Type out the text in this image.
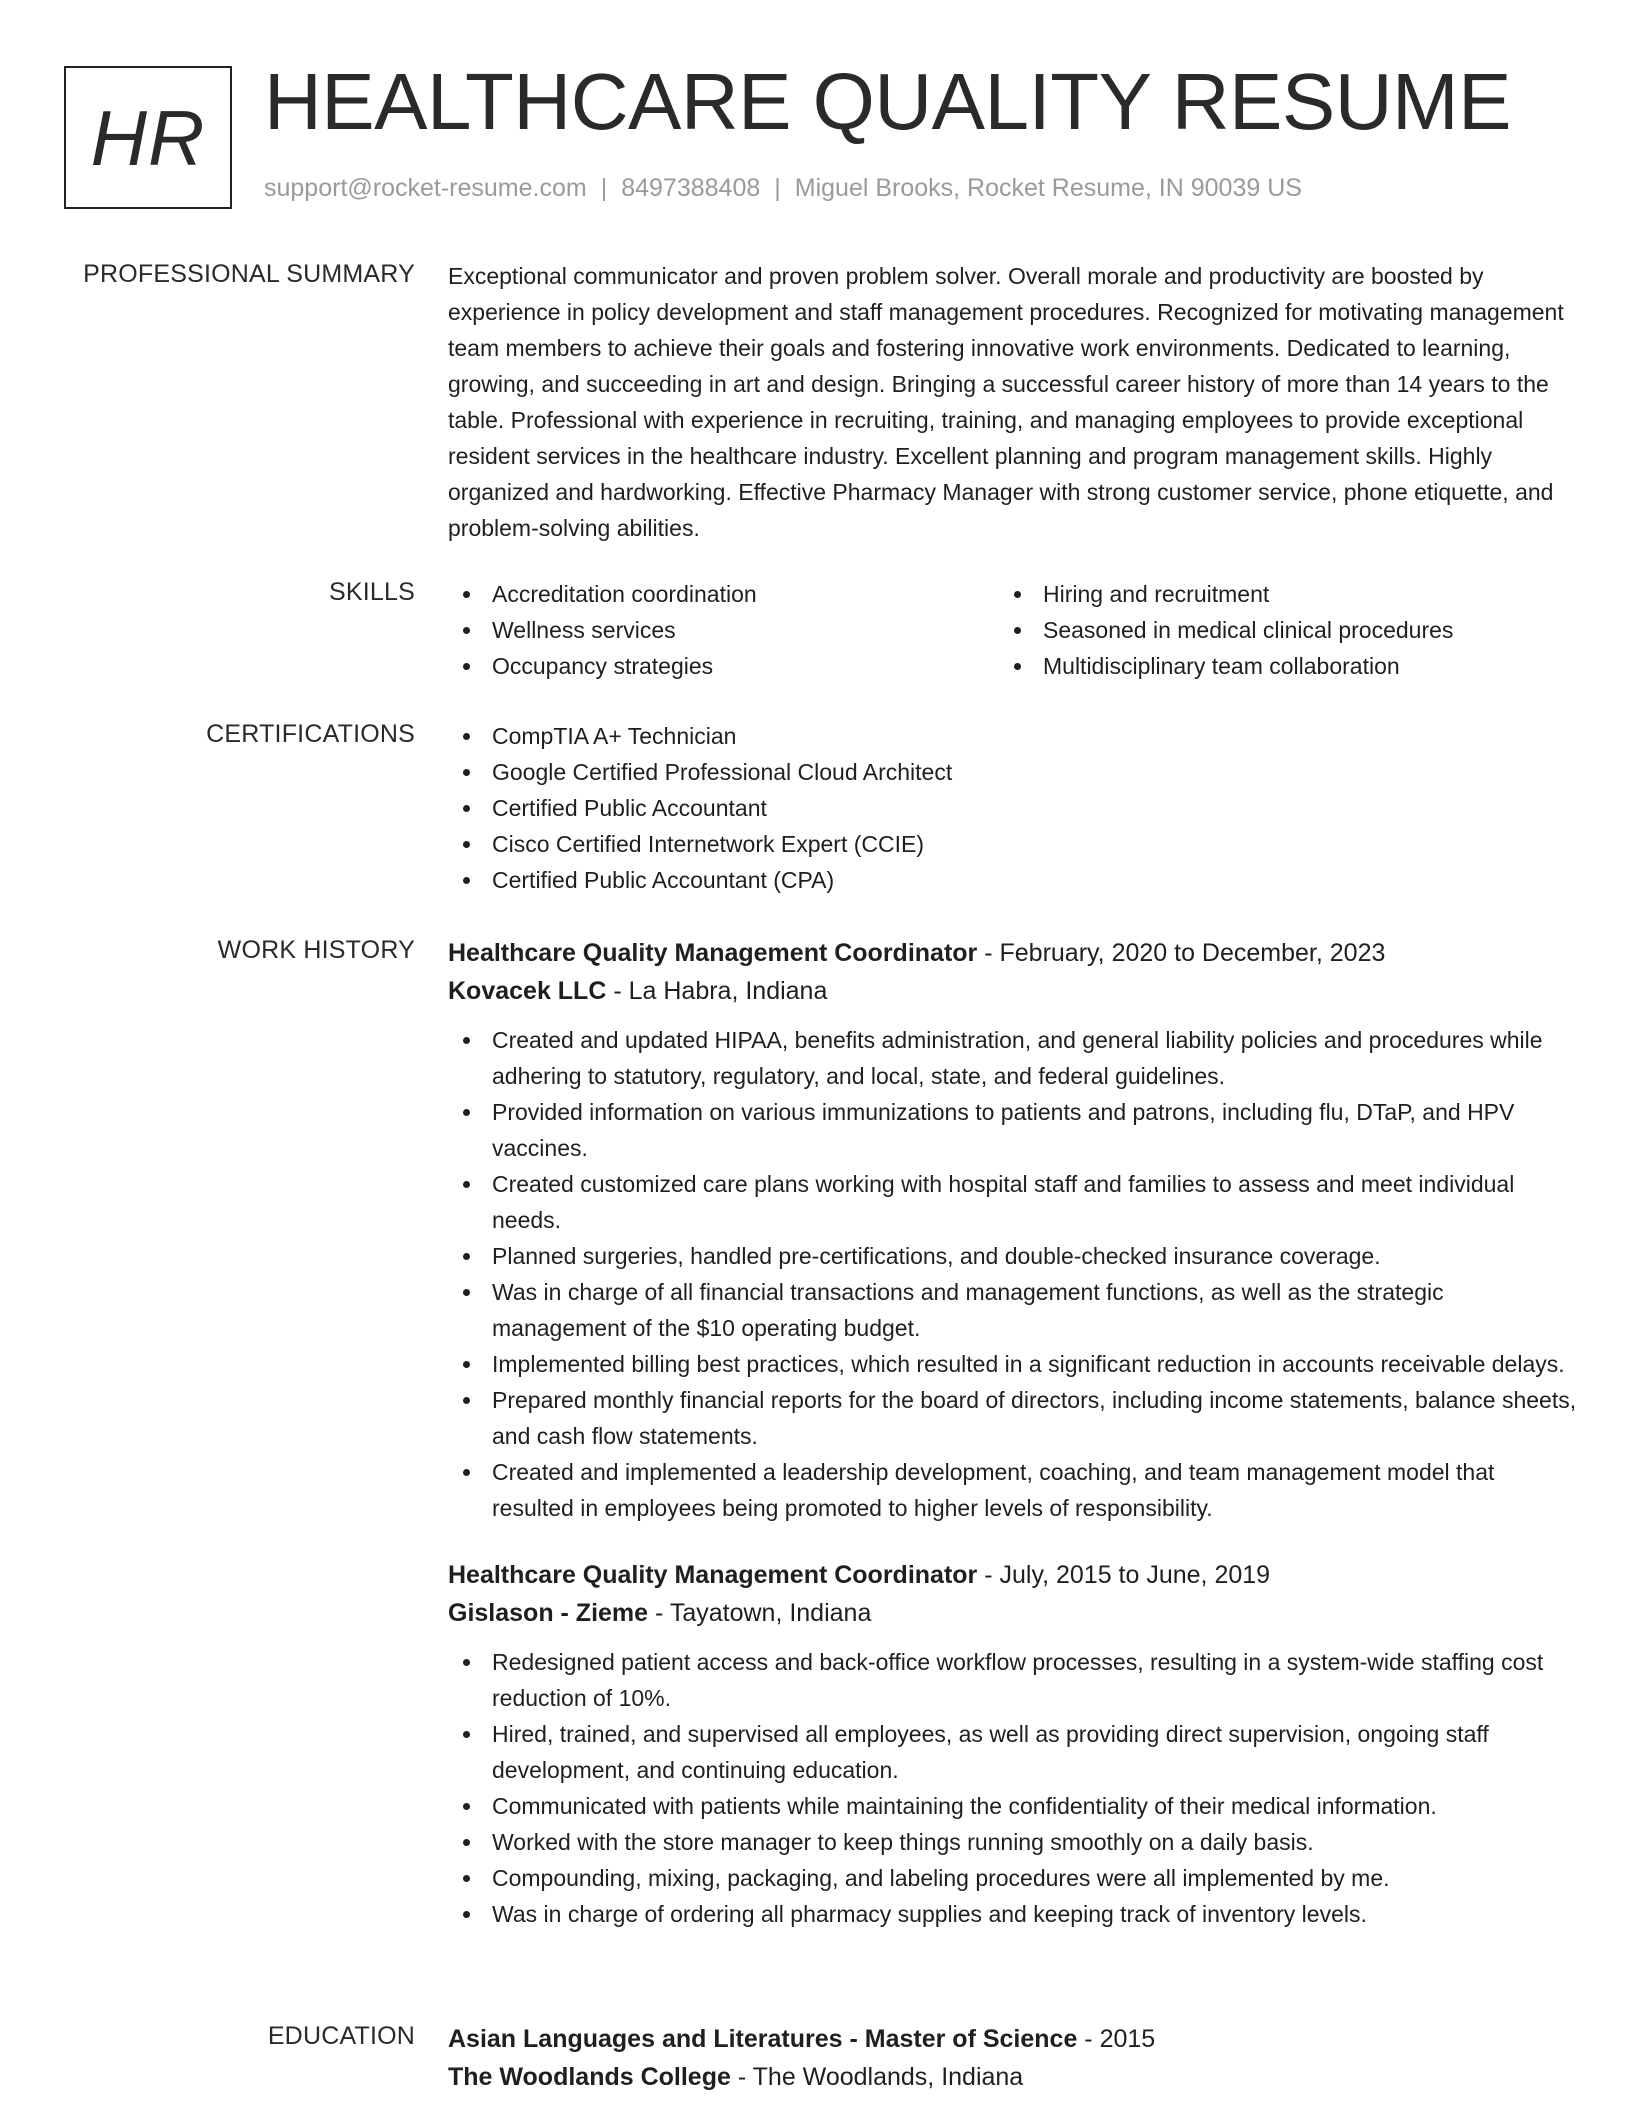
HR HEALTHCARE QUALITY RESUME
support@rocket-resume.com | 8497388408 | Miguel Brooks, Rocket Resume, IN 90039 US
PROFESSIONAL SUMMARY Exceptional communicator and proven problem solver. Overall morale and productivity are boosted by experience in policy development and staff management procedures. Recognized for motivating management team members to achieve their goals and fostering innovative work environments. Dedicated to learning, growing, and succeeding in art and design. Bringing a successful career history of more than 14 years to the table. Professional with experience in recruiting, training, and managing employees to provide exceptional resident services in the healthcare industry. Excellent planning and program management skills. Highly organized and hardworking. Effective Pharmacy Manager with strong customer service, phone etiquette, and problem-solving abilities.
SKILLS	Accreditation coordination
Wellness services
Occupancy strategies
Hiring and recruitment
Seasoned in medical clinical procedures
Multidisciplinary team collaboration
CERTIFICATIONS	CompTIA A+ Technician
Google Certified Professional Cloud Architect
Certified Public Accountant
Cisco Certified Internetwork Expert (CCIE)
Certified Public Accountant (CPA)
WORK HISTORY Healthcare Quality Management Coordinator - February, 2020 to December, 2023
Kovacek LLC - La Habra, Indiana
Created and updated HIPAA, benefits administration, and general liability policies and procedures while adhering to statutory, regulatory, and local, state, and federal guidelines.
Provided information on various immunizations to patients and patrons, including flu, DTaP, and HPV vaccines.
Created customized care plans working with hospital staff and families to assess and meet individual needs.
Planned surgeries, handled pre-certifications, and double-checked insurance coverage.
Was in charge of all financial transactions and management functions, as well as the strategic management of the $10 operating budget.
Implemented billing best practices, which resulted in a significant reduction in accounts receivable delays.
Prepared monthly financial reports for the board of directors, including income statements, balance sheets, and cash flow statements.
Created and implemented a leadership development, coaching, and team management model that resulted in employees being promoted to higher levels of responsibility.
Healthcare Quality Management Coordinator - July, 2015 to June, 2019
Gislason - Zieme - Tayatown, Indiana
Redesigned patient access and back-office workflow processes, resulting in a system-wide staffing cost reduction of 10%.
Hired, trained, and supervised all employees, as well as providing direct supervision, ongoing staff development, and continuing education.
Communicated with patients while maintaining the confidentiality of their medical information.
Worked with the store manager to keep things running smoothly on a daily basis.
Compounding, mixing, packaging, and labeling procedures were all implemented by me.
Was in charge of ordering all pharmacy supplies and keeping track of inventory levels.
EDUCATION Asian Languages and Literatures - Master of Science - 2015
The Woodlands College - The Woodlands, Indiana
